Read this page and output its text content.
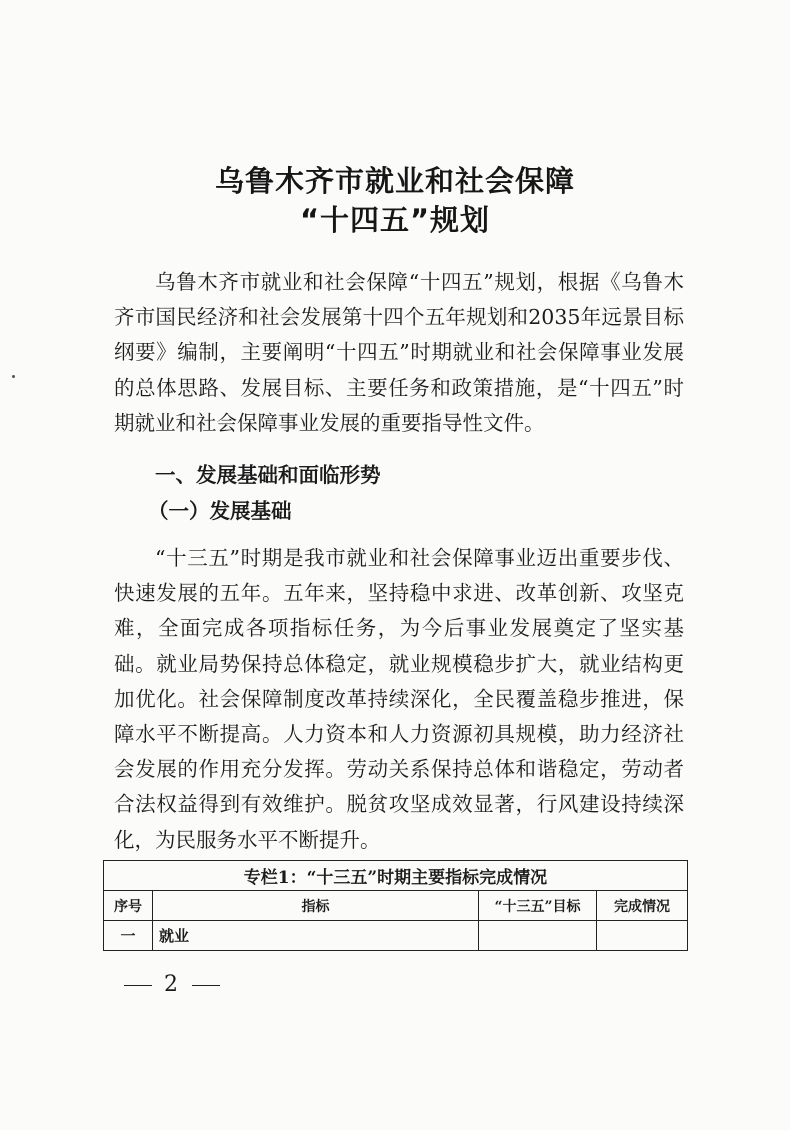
乌鲁木齐市就业和社会保障
“十四五”规划

乌鲁木齐市就业和社会保障“十四五”规划，根据《乌鲁木齐市国民经济和社会发展第十四个五年规划和2035年远景目标纲要》编制，主要阐明“十四五”时期就业和社会保障事业发展的总体思路、发展目标、主要任务和政策措施，是“十四五”时期就业和社会保障事业发展的重要指导性文件。

一、发展基础和面临形势
（一）发展基础

“十三五”时期是我市就业和社会保障事业迈出重要步伐、快速发展的五年。五年来，坚持稳中求进、改革创新、攻坚克难，全面完成各项指标任务，为今后事业发展奠定了坚实基础。就业局势保持总体稳定，就业规模稳步扩大，就业结构更加优化。社会保障制度改革持续深化，全民覆盖稳步推进，保障水平不断提高。人力资本和人力资源初具规模，助力经济社会发展的作用充分发挥。劳动关系保持总体和谐稳定，劳动者合法权益得到有效维护。脱贫攻坚成效显著，行风建设持续深化，为民服务水平不断提升。

专栏1：“十三五”时期主要指标完成情况			
序号	指标	“十三五”目标	完成情况
一	就业		
2
